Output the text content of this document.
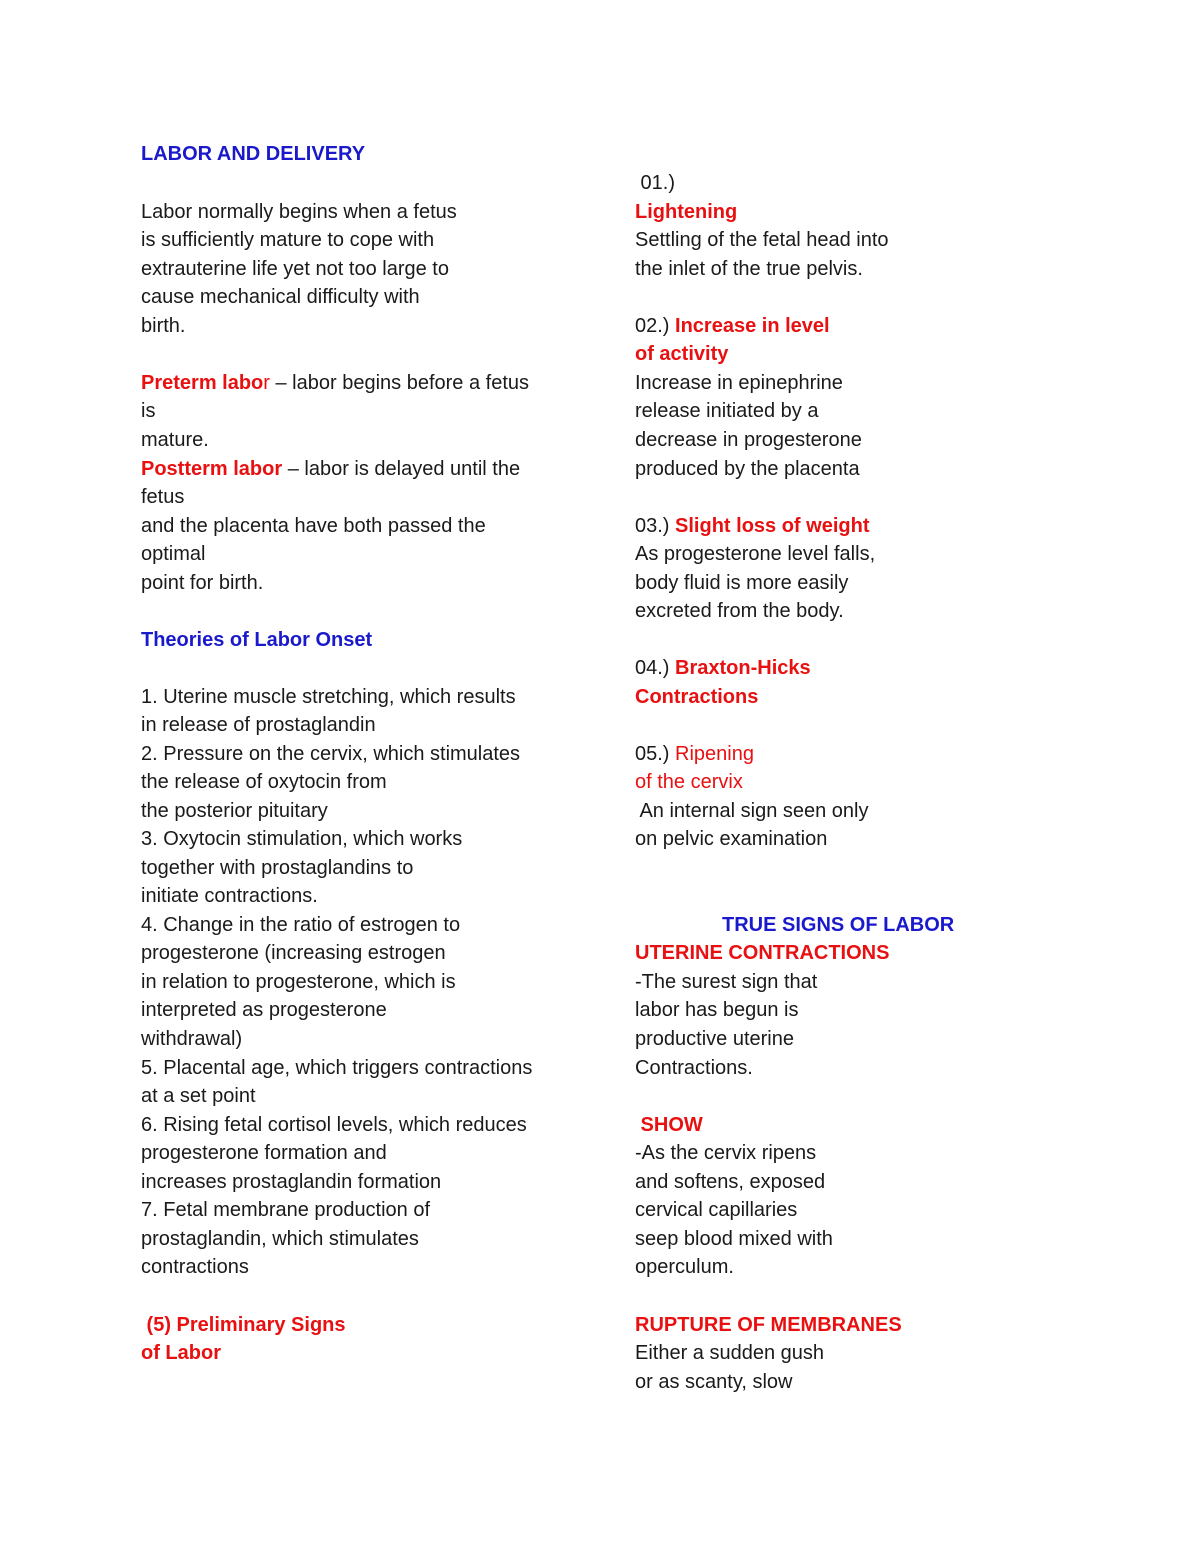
LABOR AND DELIVERY
Labor normally begins when a fetus
is sufficiently mature to cope with
extrauterine life yet not too large to
cause mechanical difficulty with
birth.
Preterm labor – labor begins before a fetus
is
mature.
Postterm labor – labor is delayed until the
fetus
and the placenta have both passed the
optimal
point for birth.
Theories of Labor Onset
1. Uterine muscle stretching, which results
in release of prostaglandin
2. Pressure on the cervix, which stimulates
the release of oxytocin from
the posterior pituitary
3. Oxytocin stimulation, which works
together with prostaglandins to
initiate contractions.
4. Change in the ratio of estrogen to
progesterone (increasing estrogen
in relation to progesterone, which is
interpreted as progesterone
withdrawal)
5. Placental age, which triggers contractions
at a set point
6. Rising fetal cortisol levels, which reduces
progesterone formation and
increases prostaglandin formation
7. Fetal membrane production of
prostaglandin, which stimulates
contractions
(5) Preliminary Signs
of Labor
01.)
Lightening
Settling of the fetal head into
the inlet of the true pelvis.
02.) Increase in level
of activity
Increase in epinephrine
release initiated by a
decrease in progesterone
produced by the placenta
03.) Slight loss of weight
As progesterone level falls,
body fluid is more easily
excreted from the body.
04.) Braxton-Hicks
Contractions
05.) Ripening
of the cervix
An internal sign seen only
on pelvic examination
TRUE SIGNS OF LABOR
UTERINE CONTRACTIONS
-The surest sign that
labor has begun is
productive uterine
Contractions.
SHOW
-As the cervix ripens
and softens, exposed
cervical capillaries
seep blood mixed with
operculum.
RUPTURE OF MEMBRANES
Either a sudden gush
or as scanty, slow
